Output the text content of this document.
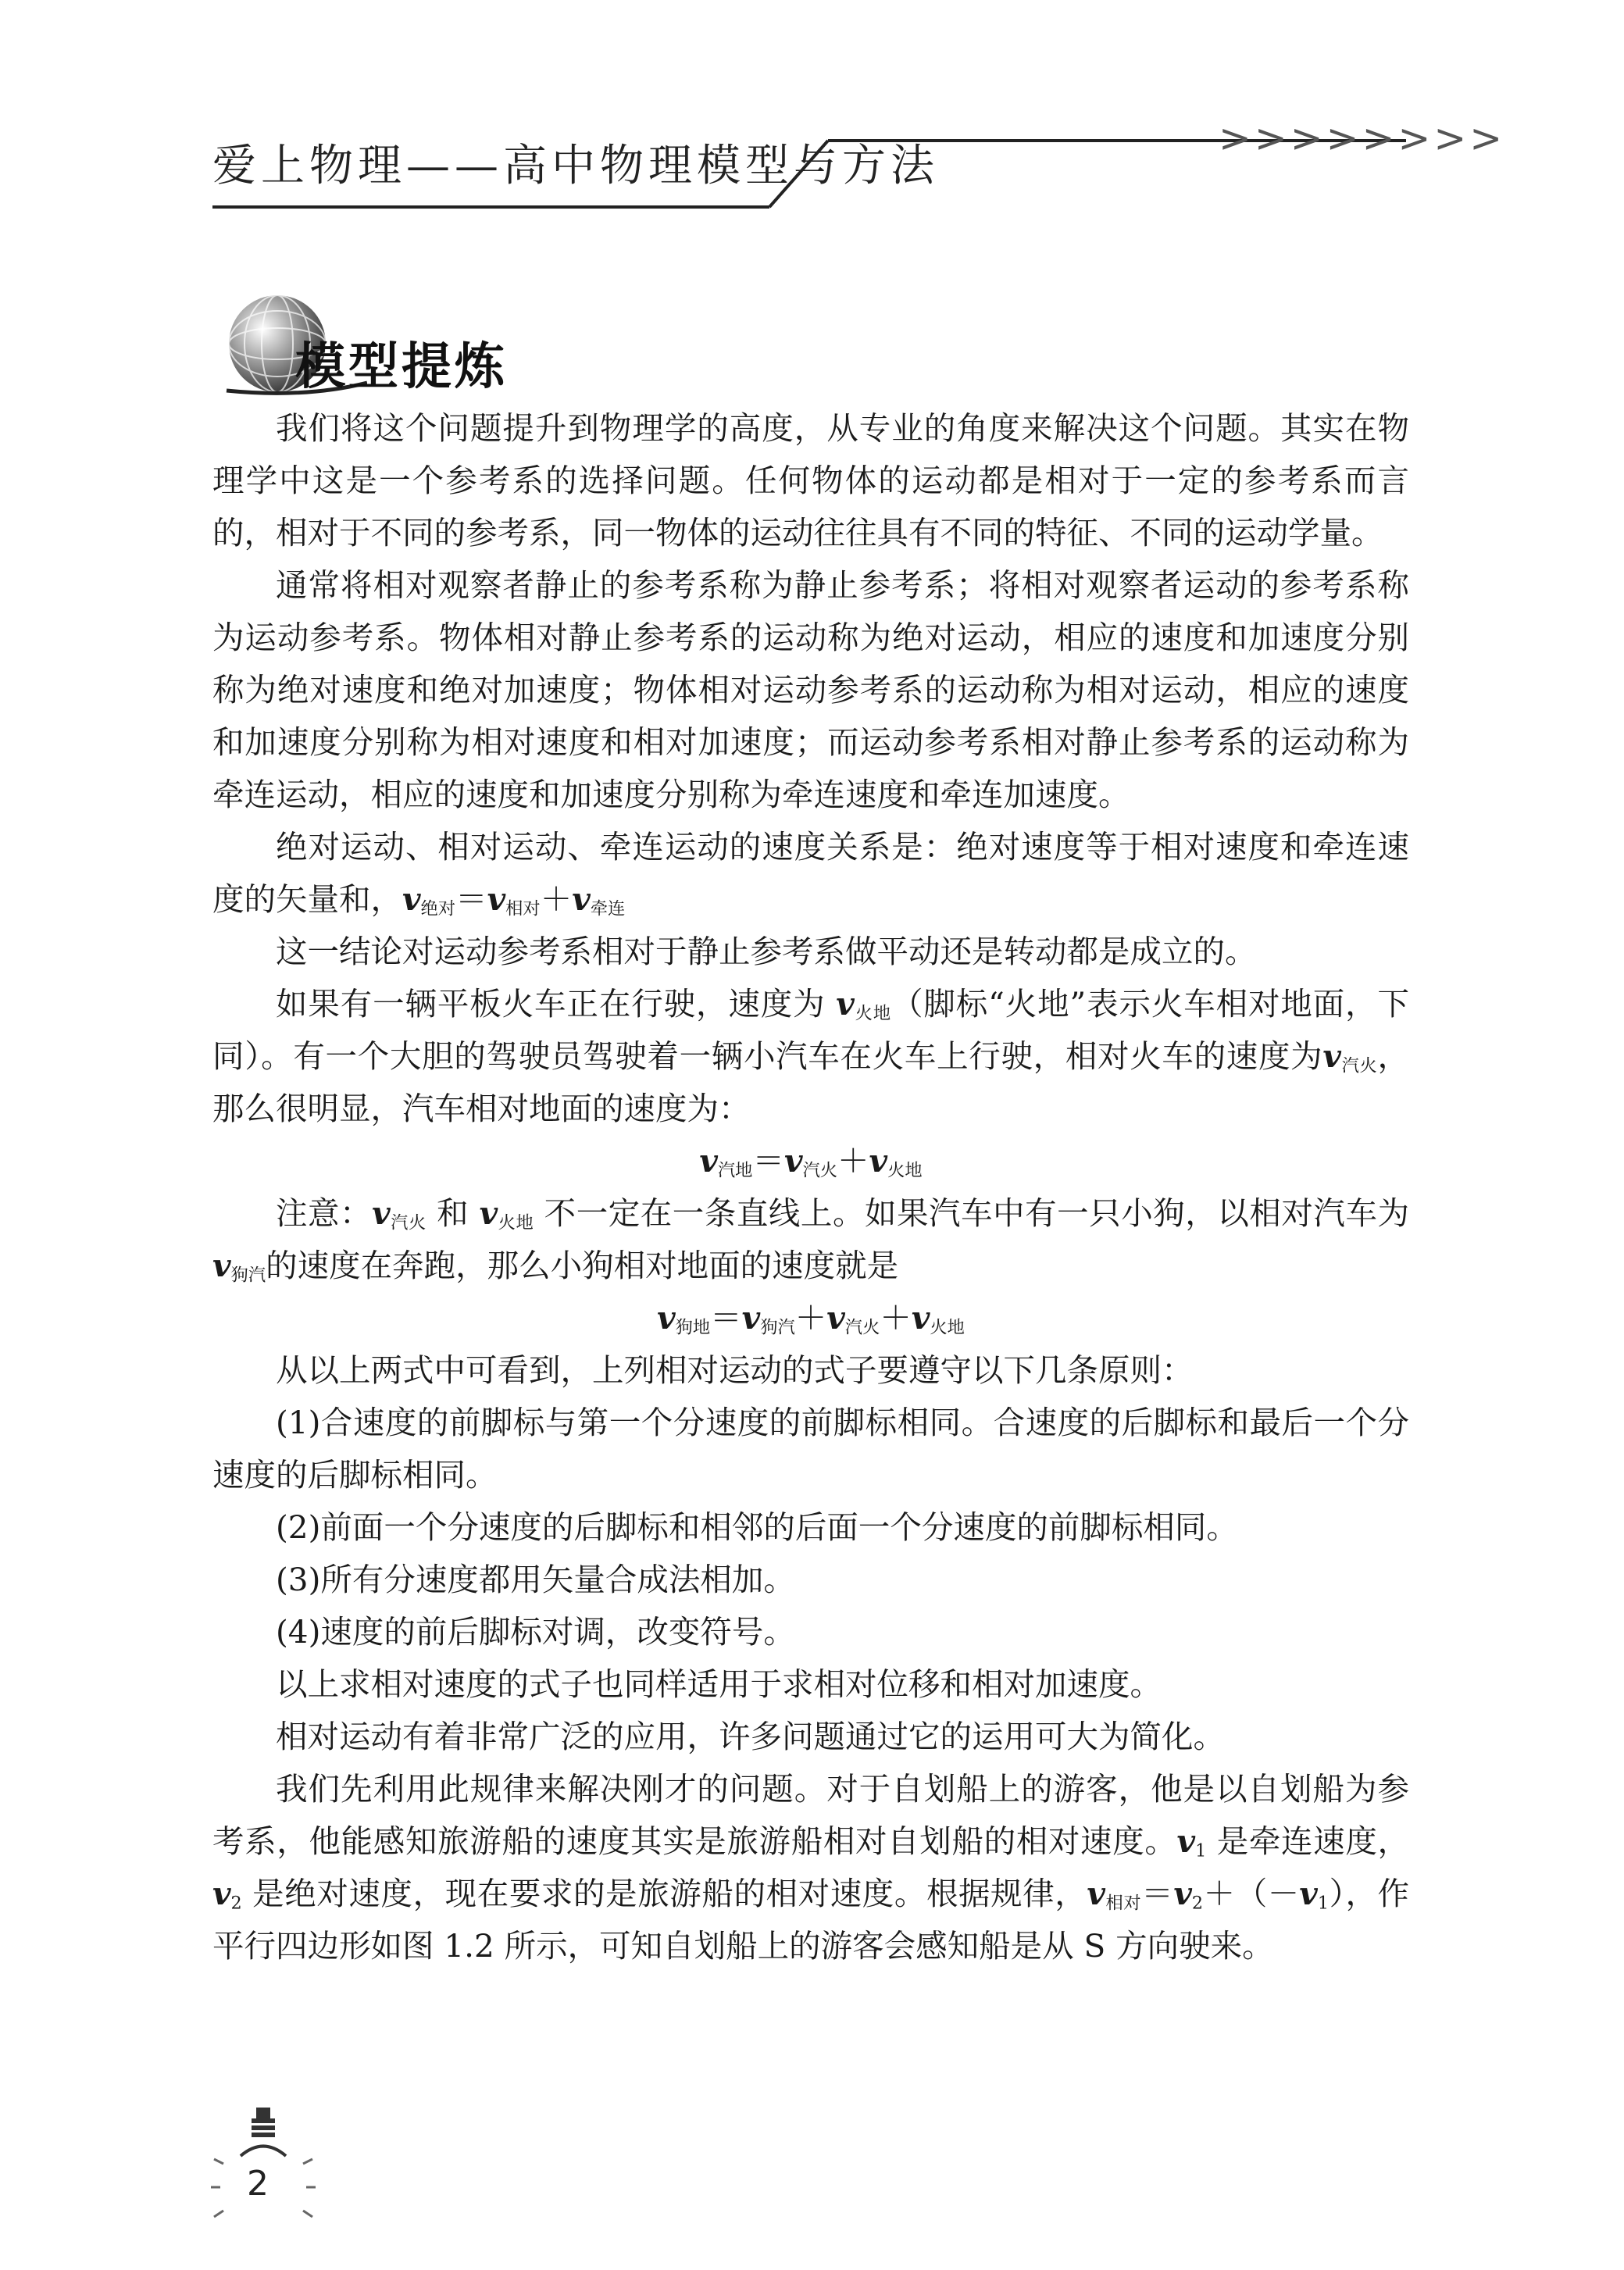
爱上物理——高中物理模型与方法
>>>>>>>>
模型提炼

我们将这个问题提升到物理学的高度，从专业的角度来解决这个问题。其实在物理学中这是一个参考系的选择问题。任何物体的运动都是相对于一定的参考系而言的，相对于不同的参考系，同一物体的运动往往具有不同的特征、不同的运动学量。

通常将相对观察者静止的参考系称为静止参考系；将相对观察者运动的参考系称为运动参考系。物体相对静止参考系的运动称为绝对运动，相应的速度和加速度分别称为绝对速度和绝对加速度；物体相对运动参考系的运动称为相对运动，相应的速度和加速度分别称为相对速度和相对加速度；而运动参考系相对静止参考系的运动称为牵连运动，相应的速度和加速度分别称为牵连速度和牵连加速度。

绝对运动、相对运动、牵连运动的速度关系是：绝对速度等于相对速度和牵连速度的矢量和，$v_{绝对}=v_{相对}+v_{牵连}$

这一结论对运动参考系相对于静止参考系做平动还是转动都是成立的。

如果有一辆平板火车正在行驶，速度为 $v_{火地}$（脚标“火地”表示火车相对地面，下同）。有一个大胆的驾驶员驾驶着一辆小汽车在火车上行驶，相对火车的速度为$v_{汽火}$，那么很明显，汽车相对地面的速度为：

$v_{汽地}=v_{汽火}+v_{火地}$

注意：$v_{汽火}$ 和 $v_{火地}$ 不一定在一条直线上。如果汽车中有一只小狗，以相对汽车为 $v_{狗汽}$的速度在奔跑，那么小狗相对地面的速度就是

$v_{狗地}=v_{狗汽}+v_{汽火}+v_{火地}$

从以上两式中可看到，上列相对运动的式子要遵守以下几条原则：

(1)合速度的前脚标与第一个分速度的前脚标相同。合速度的后脚标和最后一个分速度的后脚标相同。

(2)前面一个分速度的后脚标和相邻的后面一个分速度的前脚标相同。

(3)所有分速度都用矢量合成法相加。

(4)速度的前后脚标对调，改变符号。

以上求相对速度的式子也同样适用于求相对位移和相对加速度。

相对运动有着非常广泛的应用，许多问题通过它的运用可大为简化。

我们先利用此规律来解决刚才的问题。对于自划船上的游客，他是以自划船为参考系，他能感知旅游船的速度其实是旅游船相对自划船的相对速度。$v_1$ 是牵连速度，$v_2$ 是绝对速度，现在要求的是旅游船的相对速度。根据规律，$v_{相对}=v_2+(-v_1)$，作平行四边形如图 1.2 所示，可知自划船上的游客会感知船是从 S 方向驶来。

2
